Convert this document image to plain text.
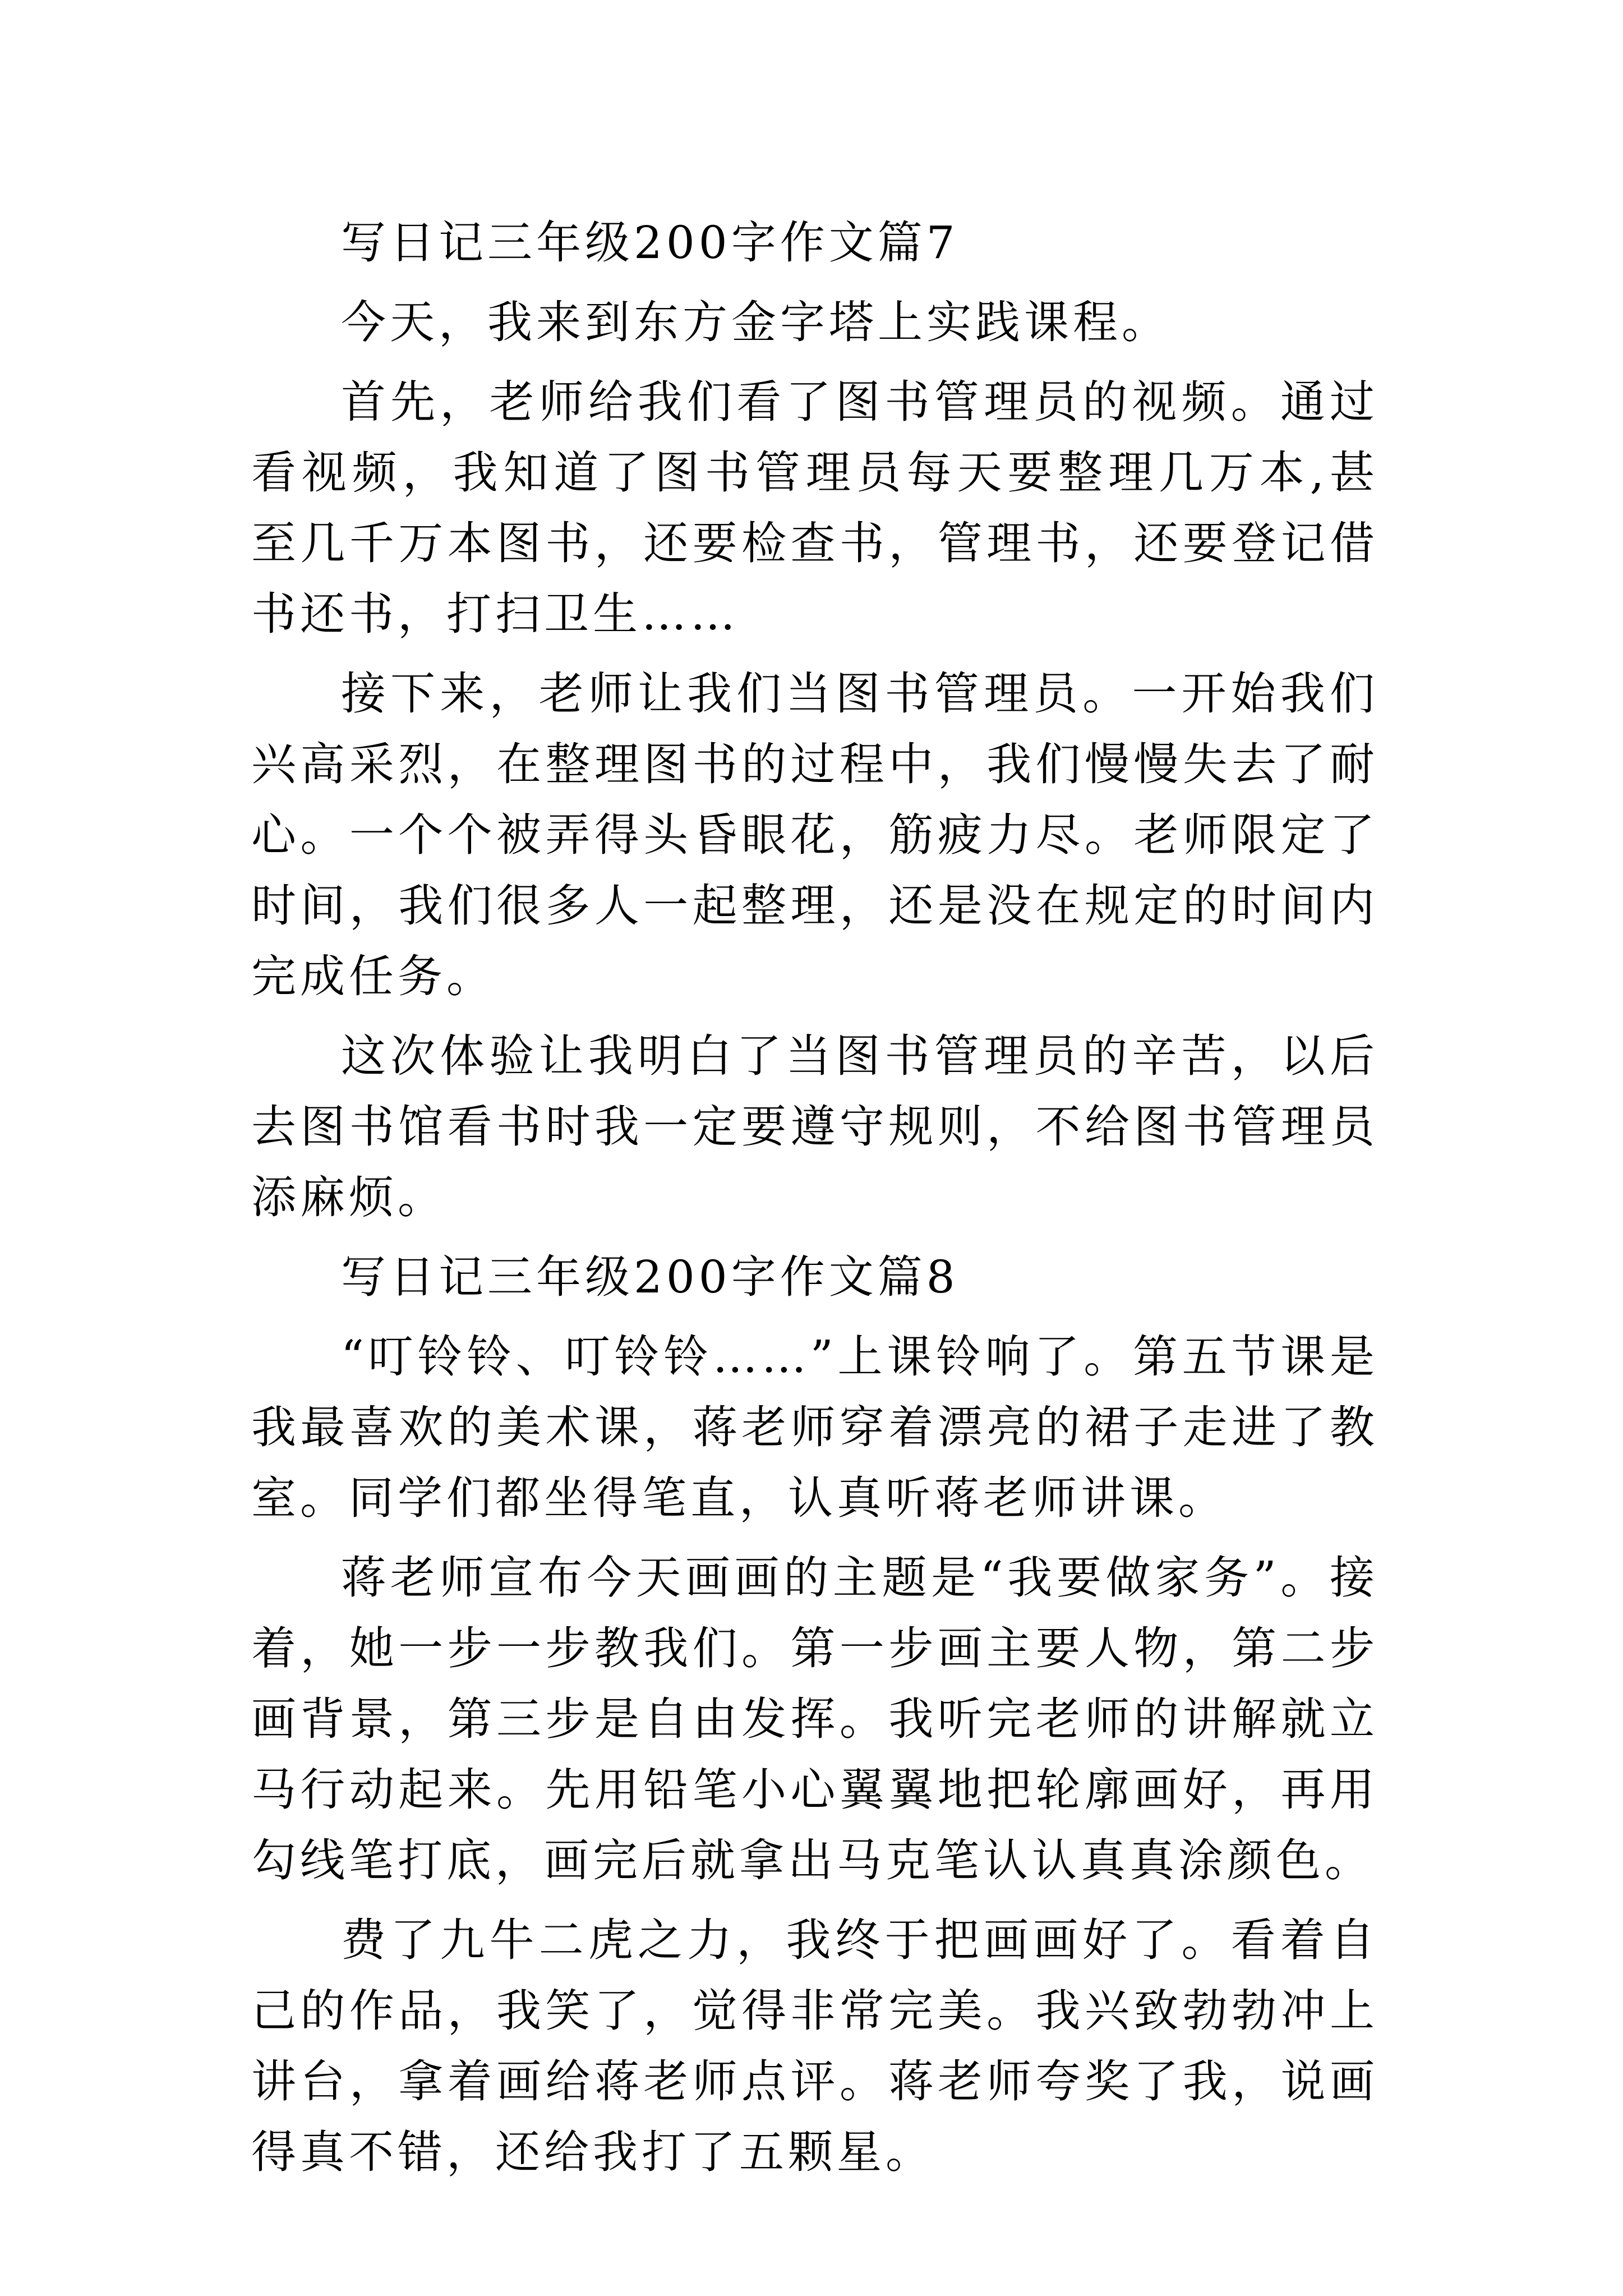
写日记三年级200字作文篇7

今天，我来到东方金字塔上实践课程。

首先，老师给我们看了图书管理员的视频。通过看视频，我知道了图书管理员每天要整理几万本,甚至几千万本图书，还要检查书，管理书，还要登记借书还书，打扫卫生……

接下来，老师让我们当图书管理员。一开始我们兴高采烈，在整理图书的过程中，我们慢慢失去了耐心。一个个被弄得头昏眼花，筋疲力尽。老师限定了时间，我们很多人一起整理，还是没在规定的时间内完成任务。

这次体验让我明白了当图书管理员的辛苦，以后去图书馆看书时我一定要遵守规则，不给图书管理员添麻烦。

写日记三年级200字作文篇8

“叮铃铃、叮铃铃……”上课铃响了。第五节课是我最喜欢的美术课，蒋老师穿着漂亮的裙子走进了教室。同学们都坐得笔直，认真听蒋老师讲课。

蒋老师宣布今天画画的主题是“我要做家务”。接着，她一步一步教我们。第一步画主要人物，第二步画背景，第三步是自由发挥。我听完老师的讲解就立马行动起来。先用铅笔小心翼翼地把轮廓画好，再用勾线笔打底，画完后就拿出马克笔认认真真涂颜色。

费了九牛二虎之力，我终于把画画好了。看着自己的作品，我笑了，觉得非常完美。我兴致勃勃冲上讲台，拿着画给蒋老师点评。蒋老师夸奖了我，说画得真不错，还给我打了五颗星。
